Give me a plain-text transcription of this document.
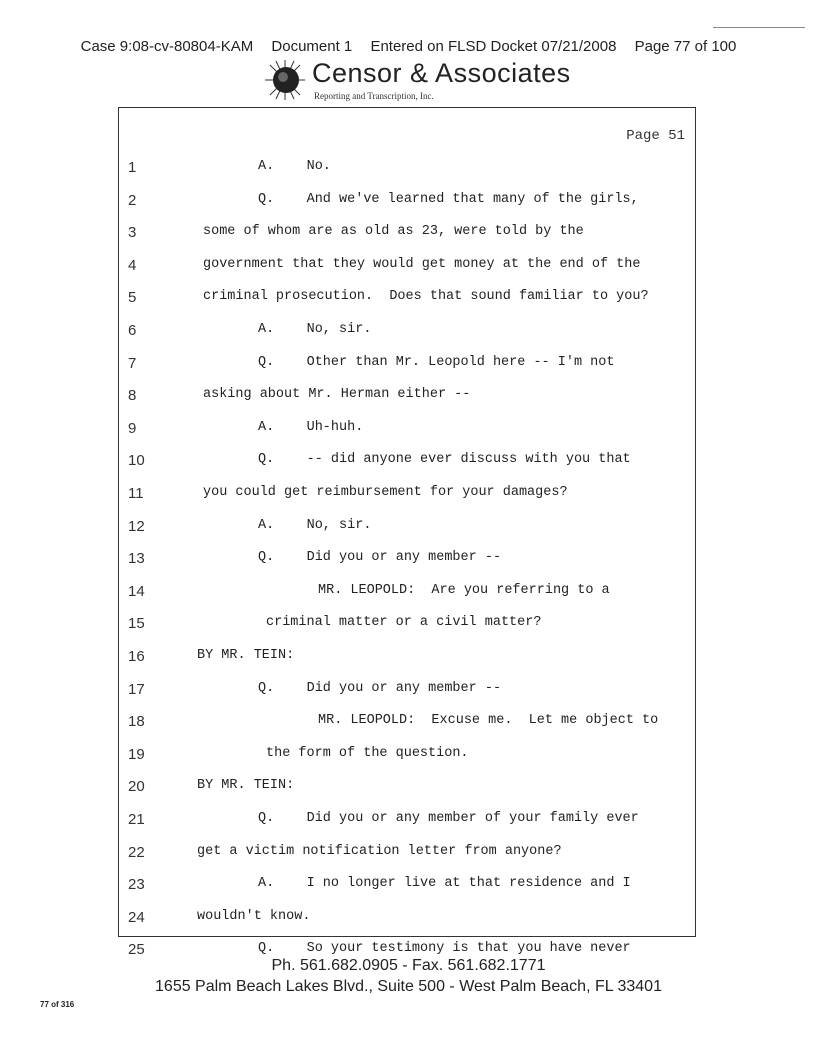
Case 9:08-cv-80804-KAM Document 1 Entered on FLSD Docket 07/21/2008 Page 77 of 100
Censor & Associates
Reporting and Transcription, Inc.
Page 51
1	A.    No.
2	Q.    And we've learned that many of the girls,
3	some of whom are as old as 23, were told by the
4	government that they would get money at the end of the
5	criminal prosecution.  Does that sound familiar to you?
6	A.    No, sir.
7	Q.    Other than Mr. Leopold here -- I'm not
8	asking about Mr. Herman either --
9	A.    Uh-huh.
10	Q.    -- did anyone ever discuss with you that
11	you could get reimbursement for your damages?
12	A.    No, sir.
13	Q.    Did you or any member --
14	MR. LEOPOLD:  Are you referring to a
15	criminal matter or a civil matter?
16	BY MR. TEIN:
17	Q.    Did you or any member --
18	MR. LEOPOLD:  Excuse me.  Let me object to
19	the form of the question.
20	BY MR. TEIN:
21	Q.    Did you or any member of your family ever
22	get a victim notification letter from anyone?
23	A.    I no longer live at that residence and I
24	wouldn't know.
25	Q.    So your testimony is that you have never
Ph. 561.682.0905 - Fax. 561.682.1771
1655 Palm Beach Lakes Blvd., Suite 500 - West Palm Beach, FL 33401
77 of 316
